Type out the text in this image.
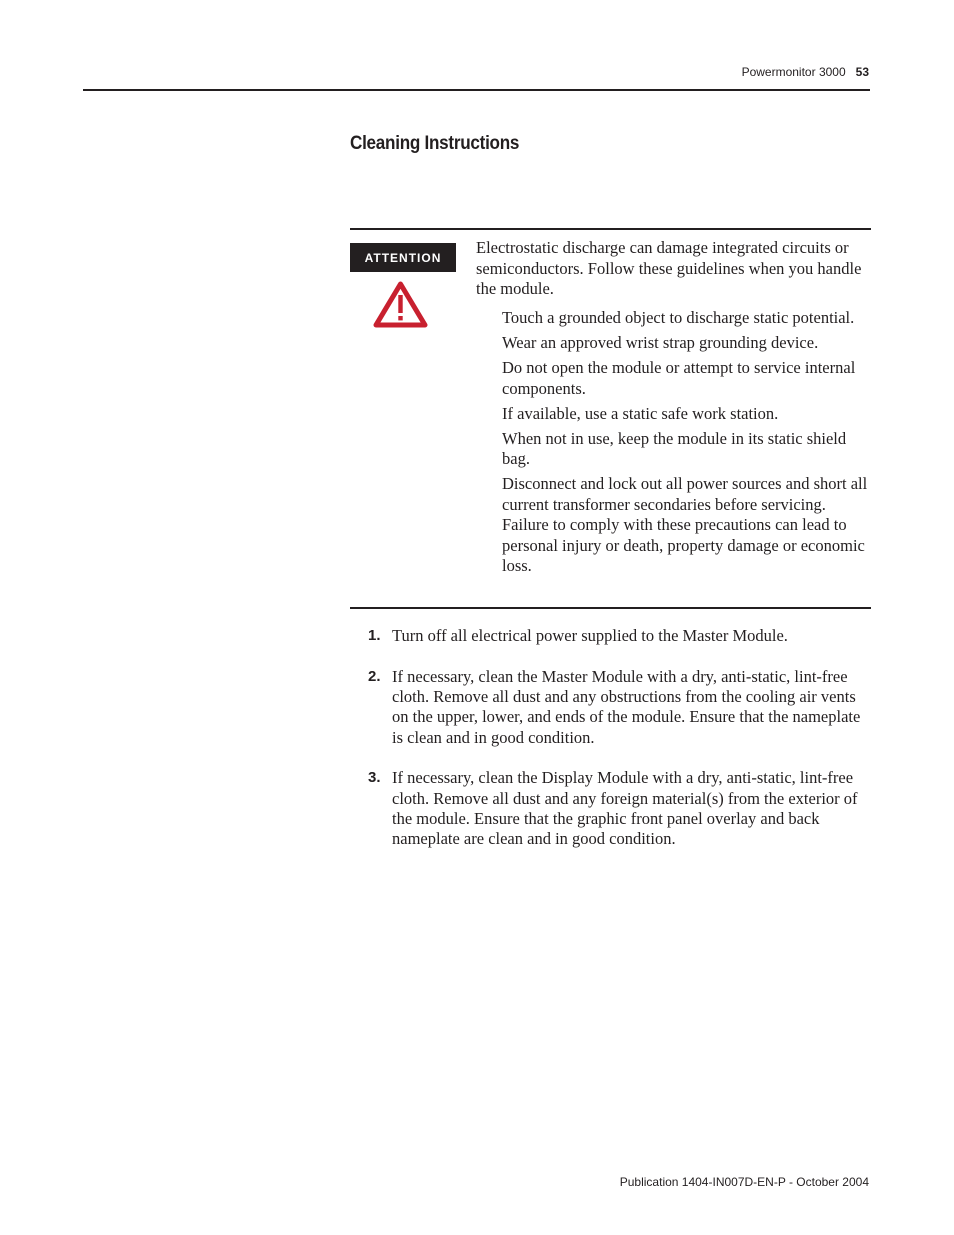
Powermonitor 3000 53
Cleaning Instructions
ATTENTION
Electrostatic discharge can damage integrated circuits or semiconductors. Follow these guidelines when you handle the module.
Touch a grounded object to discharge static potential.
Wear an approved wrist strap grounding device.
Do not open the module or attempt to service internal components.
If available, use a static safe work station.
When not in use, keep the module in its static shield bag.
Disconnect and lock out all power sources and short all current transformer secondaries before servicing. Failure to comply with these precautions can lead to personal injury or death, property damage or economic loss.
1. Turn off all electrical power supplied to the Master Module.
2. If necessary, clean the Master Module with a dry, anti-static, lint-free cloth. Remove all dust and any obstructions from the cooling air vents on the upper, lower, and ends of the module. Ensure that the nameplate is clean and in good condition.
3. If necessary, clean the Display Module with a dry, anti-static, lint-free cloth. Remove all dust and any foreign material(s) from the exterior of the module. Ensure that the graphic front panel overlay and back nameplate are clean and in good condition.
Publication 1404-IN007D-EN-P - October 2004
